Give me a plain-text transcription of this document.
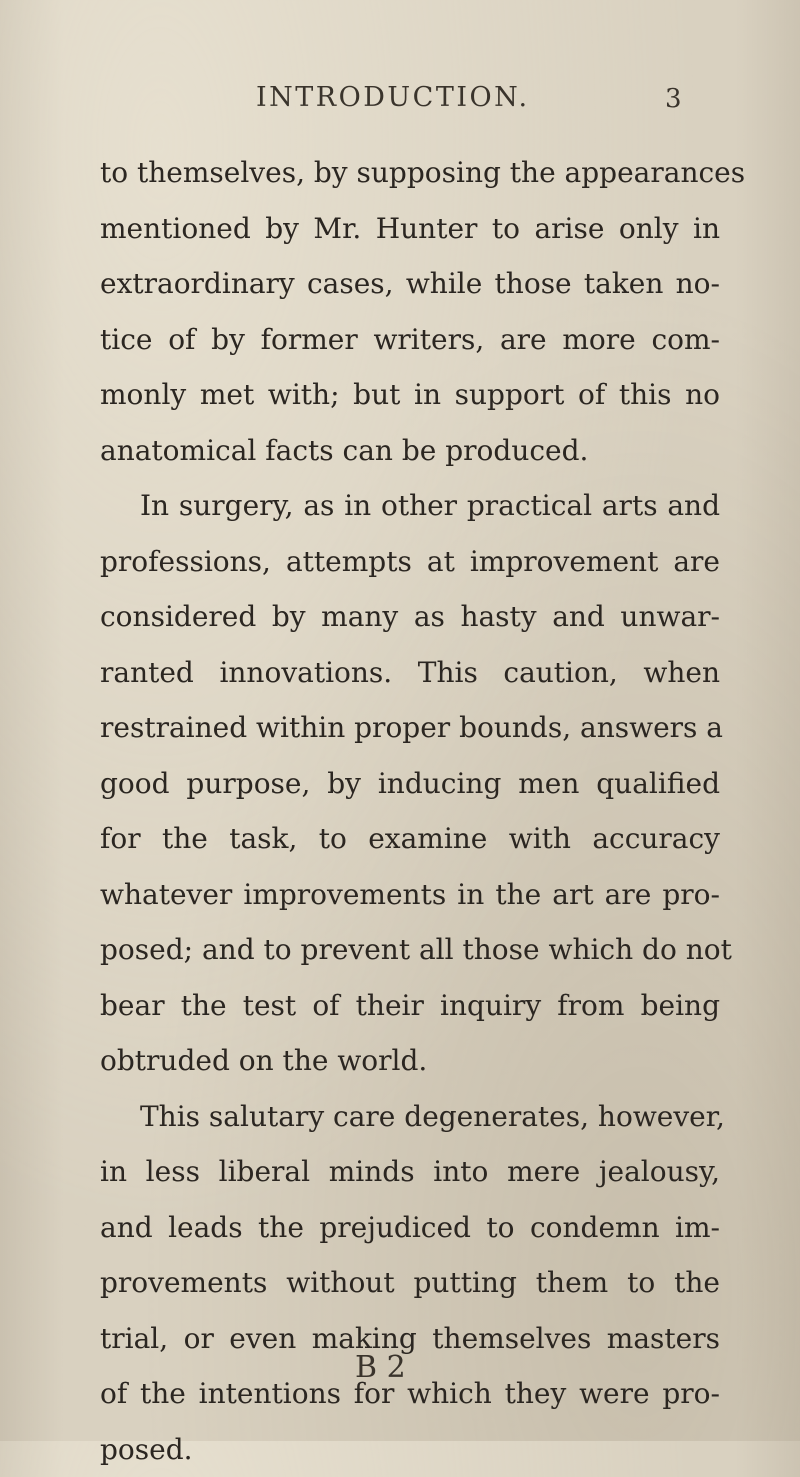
INTRODUCTION.	3
to themselves, by supposing the appearances
mentioned by Mr. Hunter to arise only in
extraordinary cases, while those taken no-
tice of by former writers, are more com-
monly met with; but in support of this no
anatomical facts can be produced.
In surgery, as in other practical arts and
professions, attempts at improvement are
considered by many as hasty and unwar-
ranted innovations. This caution, when
restrained within proper bounds, answers a
good purpose, by inducing men qualified
for the task, to examine with accuracy
whatever improvements in the art are pro-
posed; and to prevent all those which do not
bear the test of their inquiry from being
obtruded on the world.
This salutary care degenerates, however,
in less liberal minds into mere jealousy,
and leads the prejudiced to condemn im-
provements without putting them to the
trial, or even making themselves masters
of the intentions for which they were pro-
posed.
B 2
